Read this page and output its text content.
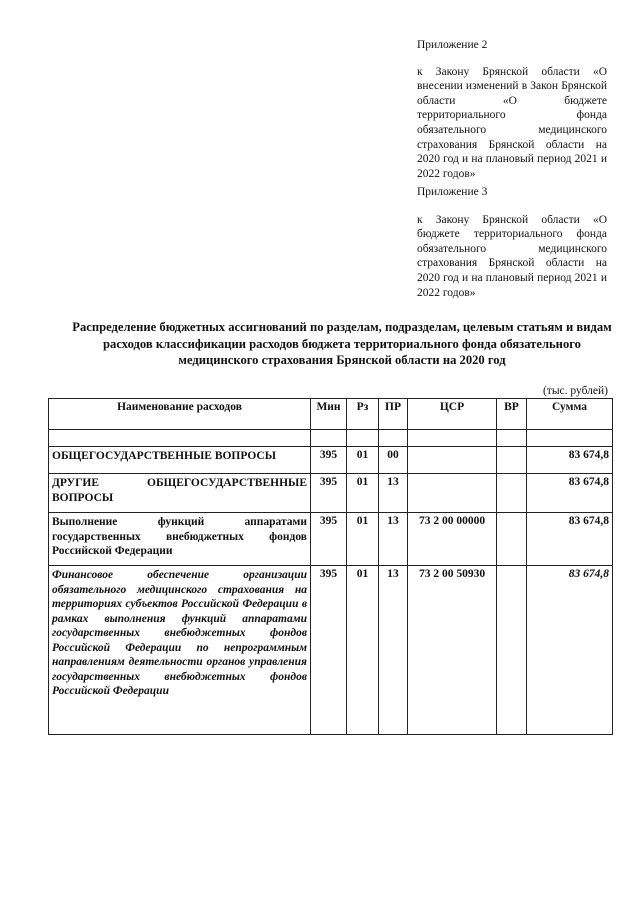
Приложение 2

к Закону Брянской области «О внесении изменений в Закон Брянской области «О бюджете территориального фонда обязательного медицинского страхования Брянской области на 2020 год и на плановый период 2021 и 2022 годов»

Приложение 3

к Закону Брянской области «О бюджете территориального фонда обязательного медицинского страхования Брянской области на 2020 год и на плановый период 2021 и 2022 годов»

Распределение бюджетных ассигнований по разделам, подразделам, целевым статьям и видам расходов классификации расходов бюджета территориального фонда обязательного медицинского страхования Брянской области на 2020 год
(тыс. рублей)
Наименование расходов	Мин	Рз	ПР	ЦСР	ВР	Сумма

ОБЩЕГОСУДАРСТВЕННЫЕ ВОПРОСЫ	395	01	00			83 674,8
ДРУГИЕ ОБЩЕГОСУДАРСТВЕННЫЕ ВОПРОСЫ	395	01	13			83 674,8
Выполнение функций аппаратами государственных внебюджетных фондов Российской Федерации	395	01	13	73 2 00 00000		83 674,8
Финансовое обеспечение организации обязательного медицинского страхования на территориях субъектов Российской Федерации в рамках выполнения функций аппаратами государственных внебюджетных фондов Российской Федерации по непрограммным направлениям деятельности органов управления государственных внебюджетных фондов Российской Федерации	395	01	13	73 2 00 50930		83 674,8
